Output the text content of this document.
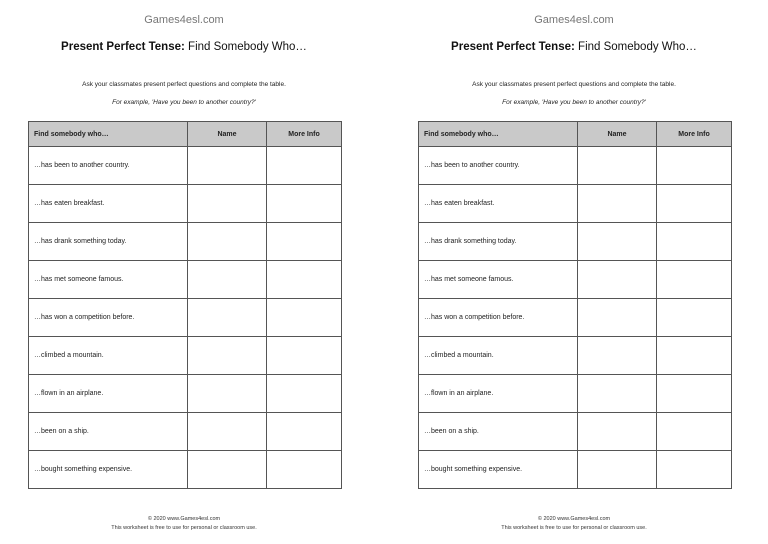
Games4esl.com
Present Perfect Tense: Find Somebody Who…
Ask your classmates present perfect questions and complete the table.
For example, 'Have you been to another country?'
Find somebody who…	Name	More Info
…has been to another country.		
…has eaten breakfast.		
…has drank something today.		
…has met someone famous.		
…has won a competition before.		
…climbed a mountain.		
…flown in an airplane.		
…been on a ship.		
…bought something expensive.		
© 2020 www.Games4esl.com
This worksheet is free to use for personal or classroom use.
Games4esl.com
Present Perfect Tense: Find Somebody Who…
Ask your classmates present perfect questions and complete the table.
For example, 'Have you been to another country?'
Find somebody who…	Name	More Info
…has been to another country.		
…has eaten breakfast.		
…has drank something today.		
…has met someone famous.		
…has won a competition before.		
…climbed a mountain.		
…flown in an airplane.		
…been on a ship.		
…bought something expensive.		
© 2020 www.Games4esl.com
This worksheet is free to use for personal or classroom use.
